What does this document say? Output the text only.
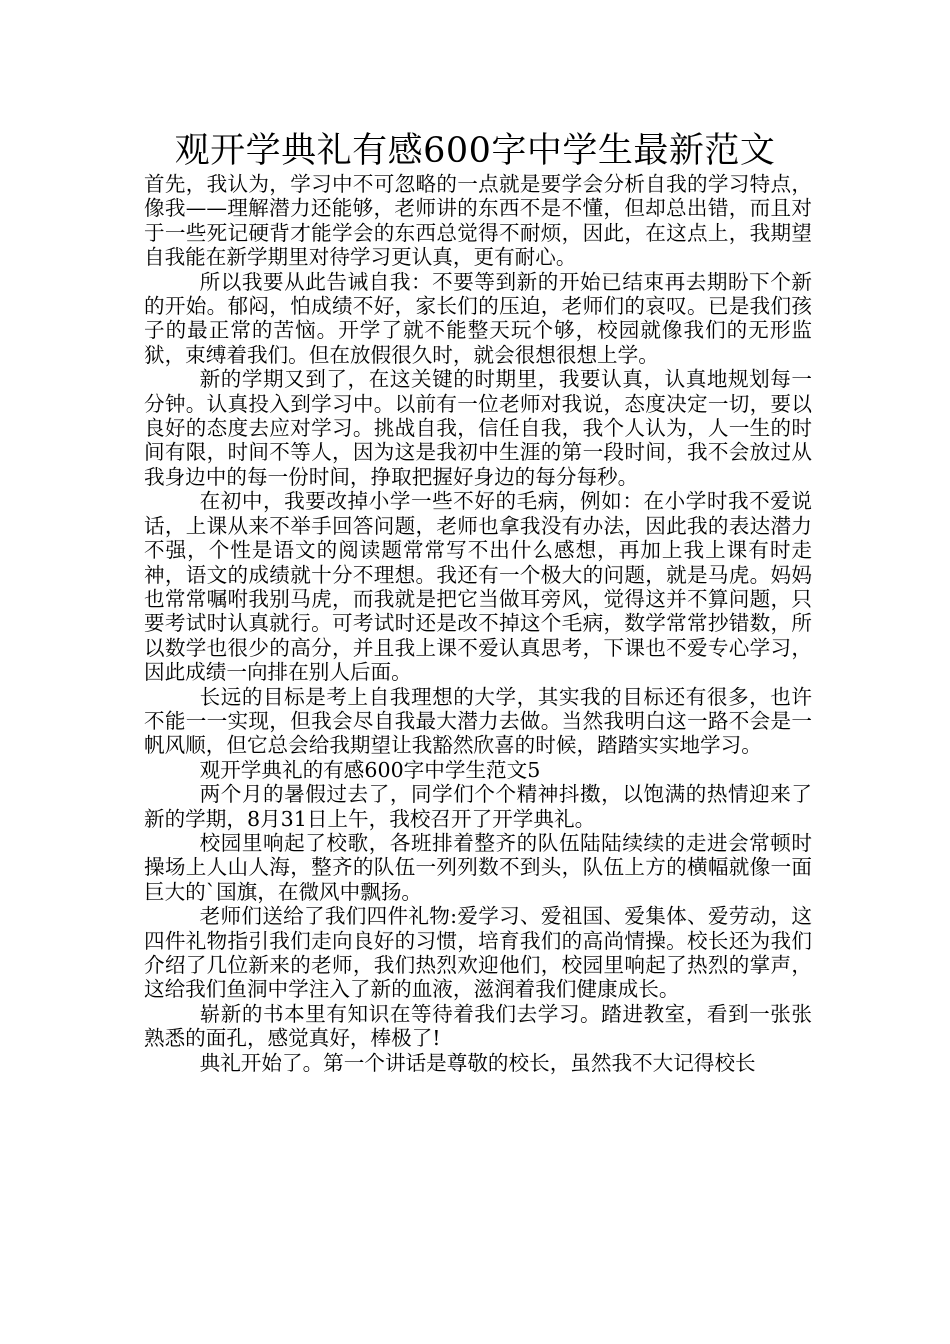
观开学典礼有感600字中学生最新范文

首先，我认为，学习中不可忽略的一点就是要学会分析自我的学习特点，像我——理解潜力还能够，老师讲的东西不是不懂，但却总出错，而且对于一些死记硬背才能学会的东西总觉得不耐烦，因此，在这点上，我期望自我能在新学期里对待学习更认真，更有耐心。

所以我要从此告诫自我：不要等到新的开始已结束再去期盼下个新的开始。郁闷，怕成绩不好，家长们的压迫，老师们的哀叹。已是我们孩子的最正常的苦恼。开学了就不能整天玩个够，校园就像我们的无形监狱，束缚着我们。但在放假很久时，就会很想很想上学。

新的学期又到了，在这关键的时期里，我要认真，认真地规划每一分钟。认真投入到学习中。以前有一位老师对我说，态度决定一切，要以良好的态度去应对学习。挑战自我，信任自我，我个人认为，人一生的时间有限，时间不等人，因为这是我初中生涯的第一段时间，我不会放过从我身边中的每一份时间，挣取把握好身边的每分每秒。

在初中，我要改掉小学一些不好的毛病，例如：在小学时我不爱说话，上课从来不举手回答问题，老师也拿我没有办法，因此我的表达潜力不强，个性是语文的阅读题常常写不出什么感想，再加上我上课有时走神，语文的成绩就十分不理想。我还有一个极大的问题，就是马虎。妈妈也常常嘱咐我别马虎，而我就是把它当做耳旁风，觉得这并不算问题，只要考试时认真就行。可考试时还是改不掉这个毛病，数学常常抄错数，所以数学也很少的高分，并且我上课不爱认真思考，下课也不爱专心学习，因此成绩一向排在别人后面。

长远的目标是考上自我理想的大学，其实我的目标还有很多，也许不能一一实现，但我会尽自我最大潜力去做。当然我明白这一路不会是一帆风顺，但它总会给我期望让我豁然欣喜的时候，踏踏实实地学习。

观开学典礼的有感600字中学生范文5

两个月的暑假过去了，同学们个个精神抖擞，以饱满的热情迎来了新的学期，8月31日上午，我校召开了开学典礼。

校园里响起了校歌，各班排着整齐的队伍陆陆续续的走进会常顿时操场上人山人海，整齐的队伍一列列数不到头，队伍上方的横幅就像一面巨大的`国旗，在微风中飘扬。

老师们送给了我们四件礼物:爱学习、爱祖国、爱集体、爱劳动，这四件礼物指引我们走向良好的习惯，培育我们的高尚情操。校长还为我们介绍了几位新来的老师，我们热烈欢迎他们，校园里响起了热烈的掌声，这给我们鱼洞中学注入了新的血液，滋润着我们健康成长。

崭新的书本里有知识在等待着我们去学习。踏进教室，看到一张张熟悉的面孔，感觉真好，棒极了!

典礼开始了。第一个讲话是尊敬的校长，虽然我不大记得校长
